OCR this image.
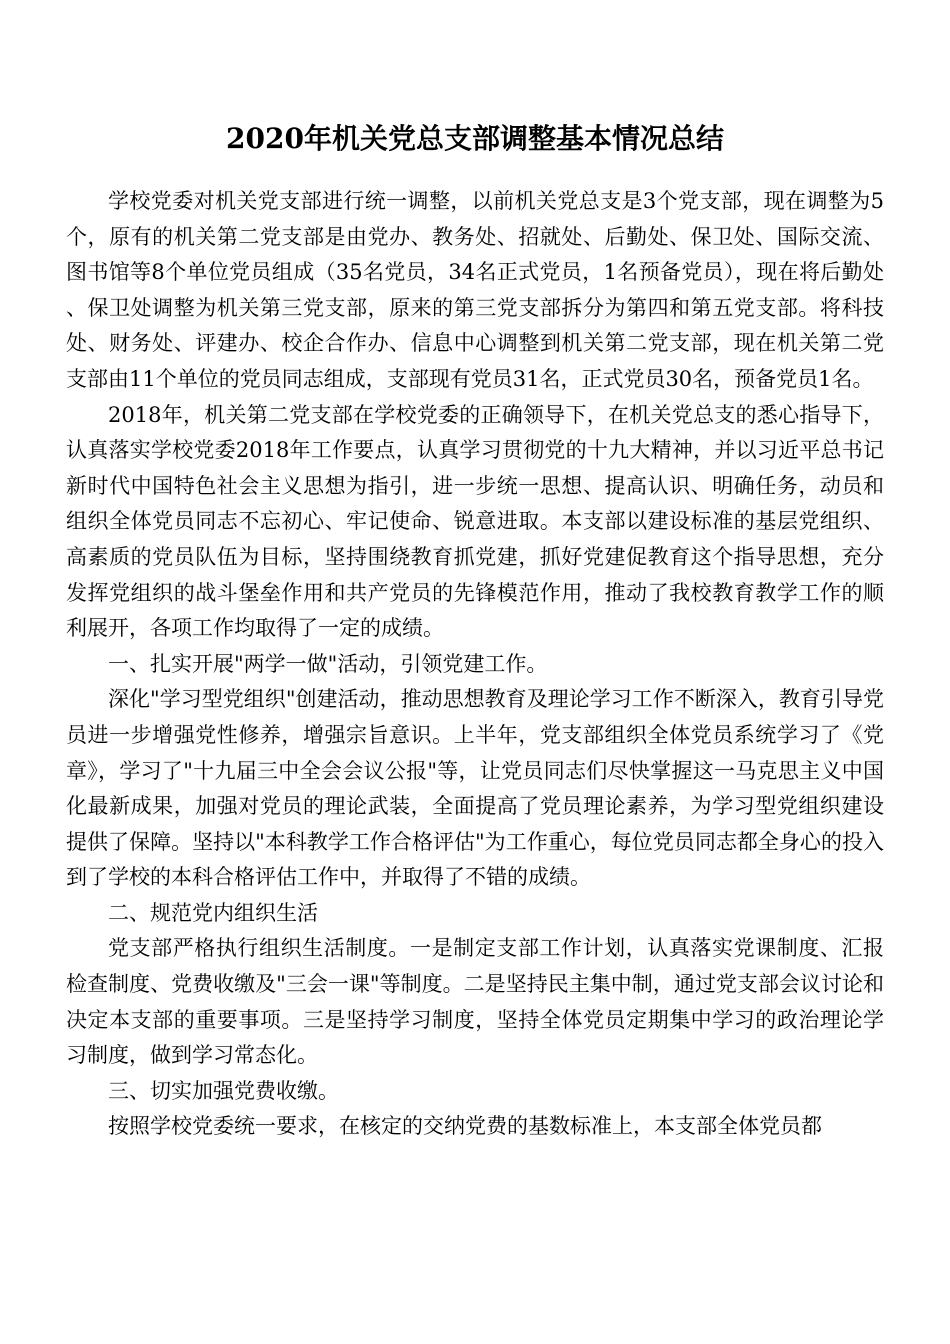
2020年机关党总支部调整基本情况总结

学校党委对机关党支部进行统一调整，以前机关党总支是3个党支部，现在调整为5个，原有的机关第二党支部是由党办、教务处、招就处、后勤处、保卫处、国际交流、图书馆等8个单位党员组成（35名党员，34名正式党员，1名预备党员），现在将后勤处、保卫处调整为机关第三党支部，原来的第三党支部拆分为第四和第五党支部。将科技处、财务处、评建办、校企合作办、信息中心调整到机关第二党支部，现在机关第二党支部由11个单位的党员同志组成，支部现有党员31名，正式党员30名，预备党员1名。

2018年，机关第二党支部在学校党委的正确领导下，在机关党总支的悉心指导下，认真落实学校党委2018年工作要点，认真学习贯彻党的十九大精神，并以习近平总书记新时代中国特色社会主义思想为指引，进一步统一思想、提高认识、明确任务，动员和组织全体党员同志不忘初心、牢记使命、锐意进取。本支部以建设标准的基层党组织、高素质的党员队伍为目标，坚持围绕教育抓党建，抓好党建促教育这个指导思想，充分发挥党组织的战斗堡垒作用和共产党员的先锋模范作用，推动了我校教育教学工作的顺利展开，各项工作均取得了一定的成绩。

一、扎实开展"两学一做"活动，引领党建工作。

深化"学习型党组织"创建活动，推动思想教育及理论学习工作不断深入，教育引导党员进一步增强党性修养，增强宗旨意识。上半年，党支部组织全体党员系统学习了《党章》，学习了"十九届三中全会会议公报"等，让党员同志们尽快掌握这一马克思主义中国化最新成果，加强对党员的理论武装，全面提高了党员理论素养，为学习型党组织建设提供了保障。坚持以"本科教学工作合格评估"为工作重心，每位党员同志都全身心的投入到了学校的本科合格评估工作中，并取得了不错的成绩。

二、规范党内组织生活

党支部严格执行组织生活制度。一是制定支部工作计划，认真落实党课制度、汇报检查制度、党费收缴及"三会一课"等制度。二是坚持民主集中制，通过党支部会议讨论和决定本支部的重要事项。三是坚持学习制度，坚持全体党员定期集中学习的政治理论学习制度，做到学习常态化。

三、切实加强党费收缴。

按照学校党委统一要求，在核定的交纳党费的基数标准上，本支部全体党员都
